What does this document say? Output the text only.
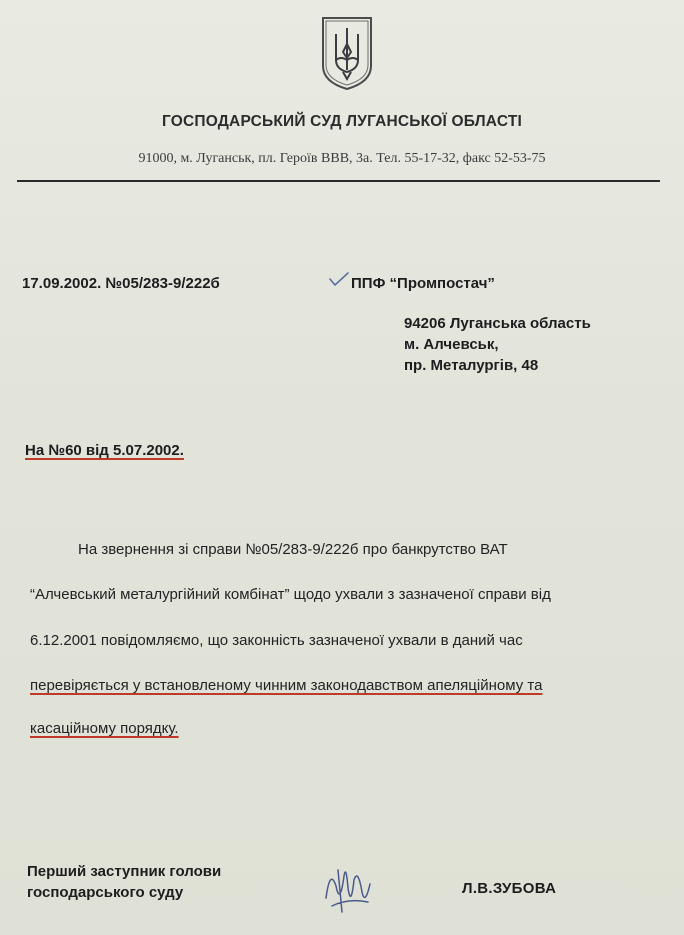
ГОСПОДАРСЬКИЙ СУД ЛУГАНСЬКОЇ ОБЛАСТІ
91000, м. Луганськ, пл. Героїв ВВВ, 3а. Тел. 55-17-32, факс 52-53-75
17.09.2002. №05/283-9/222б	ППФ “Промпостач”
94206 Луганська область
м. Алчевськ,
пр. Металургів, 48
На №60 від 5.07.2002.
На звернення зі справи №05/283-9/222б про банкрутство ВАТ
“Алчевський металургійний комбінат” щодо ухвали з зазначеної справи від
6.12.2001 повідомляємо, що законність зазначеної ухвали в даний час
перевіряється у встановленому чинним законодавством апеляційному та
касаційному порядку.
Перший заступник голови
господарського суду	Л.В.ЗУБОВА
